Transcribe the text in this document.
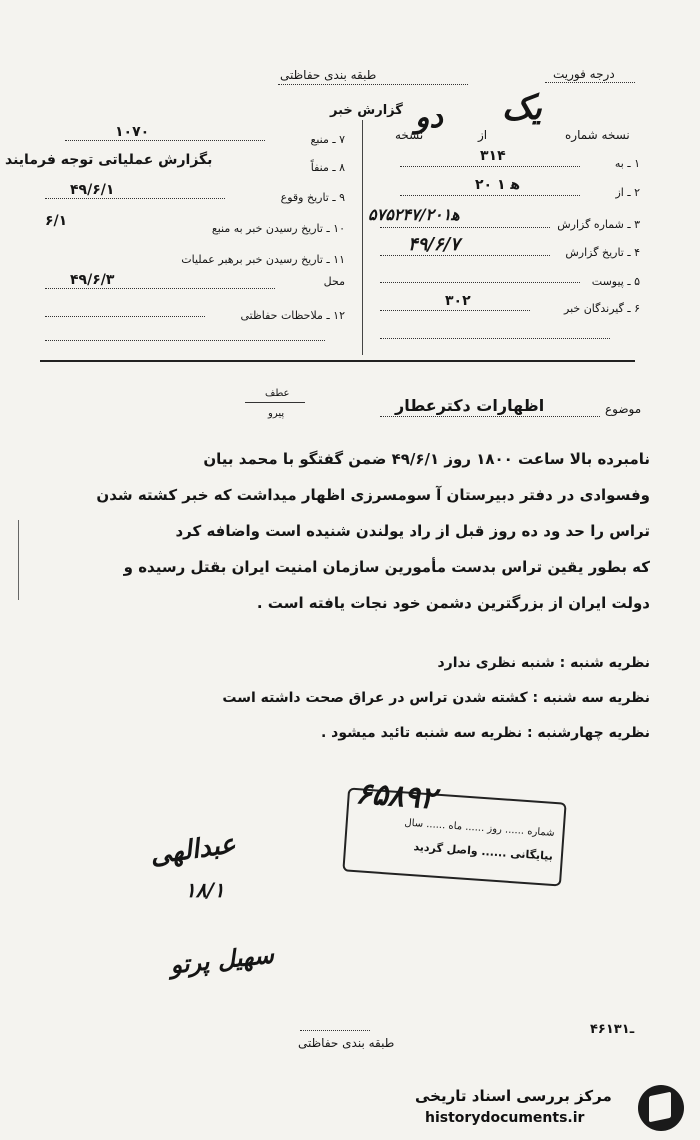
طبقه بندی حفاظتی	درجه فوریت
گزارش خبر
نسخه شماره
یک
از
دو
نسخه
۱ ـ به
۳۱۴
۲ ـ از
۲۰ ﻫ ۱
۳ ـ شماره گزارش
۵۷۵۲۴۷/۲۰ﻫ۱
۴ ـ تاریخ گزارش
۴۹/۶/۷
۵ ـ پیوست
۶ ـ گیرندگان خبر
۳۰۲
۷ ـ منبع
۱۰۷۰
۸ ـ منفاً
بگزارش عملیاتی توجه فرمایند
۹ ـ تاریخ وقوع
۴۹/۶/۱
۱۰ ـ تاریخ رسیدن خبر به منبع
۶/۱
۱۱ ـ تاریخ رسیدن خبر برهبر عملیات
محل
۴۹/۶/۳
۱۲ ـ ملاحظات حفاظتی
موضوع
اظهارات دکترعطار
عطف
پیرو
نامبرده بالا ساعت ۱۸۰۰ روز ۴۹/۶/۱ ضمن گفتگو با محمد بیان
وفسوادی در دفتر دبیرستان آ سومسرزی اظهار میداشت که خبر کشته شدن
تراس را حد ود ده روز قبل از راد یولندن شنیده است واضافه کرد
که بطور یقین تراس بدست مأمورین سازمان امنیت ایران بقتل رسیده و
دولت ایران از بزرگترین دشمن خود نجات یافته است .
نظریه شنبه : شنبه نظری ندارد
نظریه سه شنبه : کشته شدن تراس در عراق صحت داشته است
نظریه چهارشنبه : نظریه سه شنبه تائید میشود .
۶۵۸۹۲
شماره ...... روز ...... ماه ...... سال
بیایگانی ...... واصل گردید
عبدالهی
۱۸/۱
سهیل پرتو
طبقه بندی حفاظتی
۴۶ـ۱۳۱
مرکز بررسی اسناد تاریخی
historydocuments.ir
